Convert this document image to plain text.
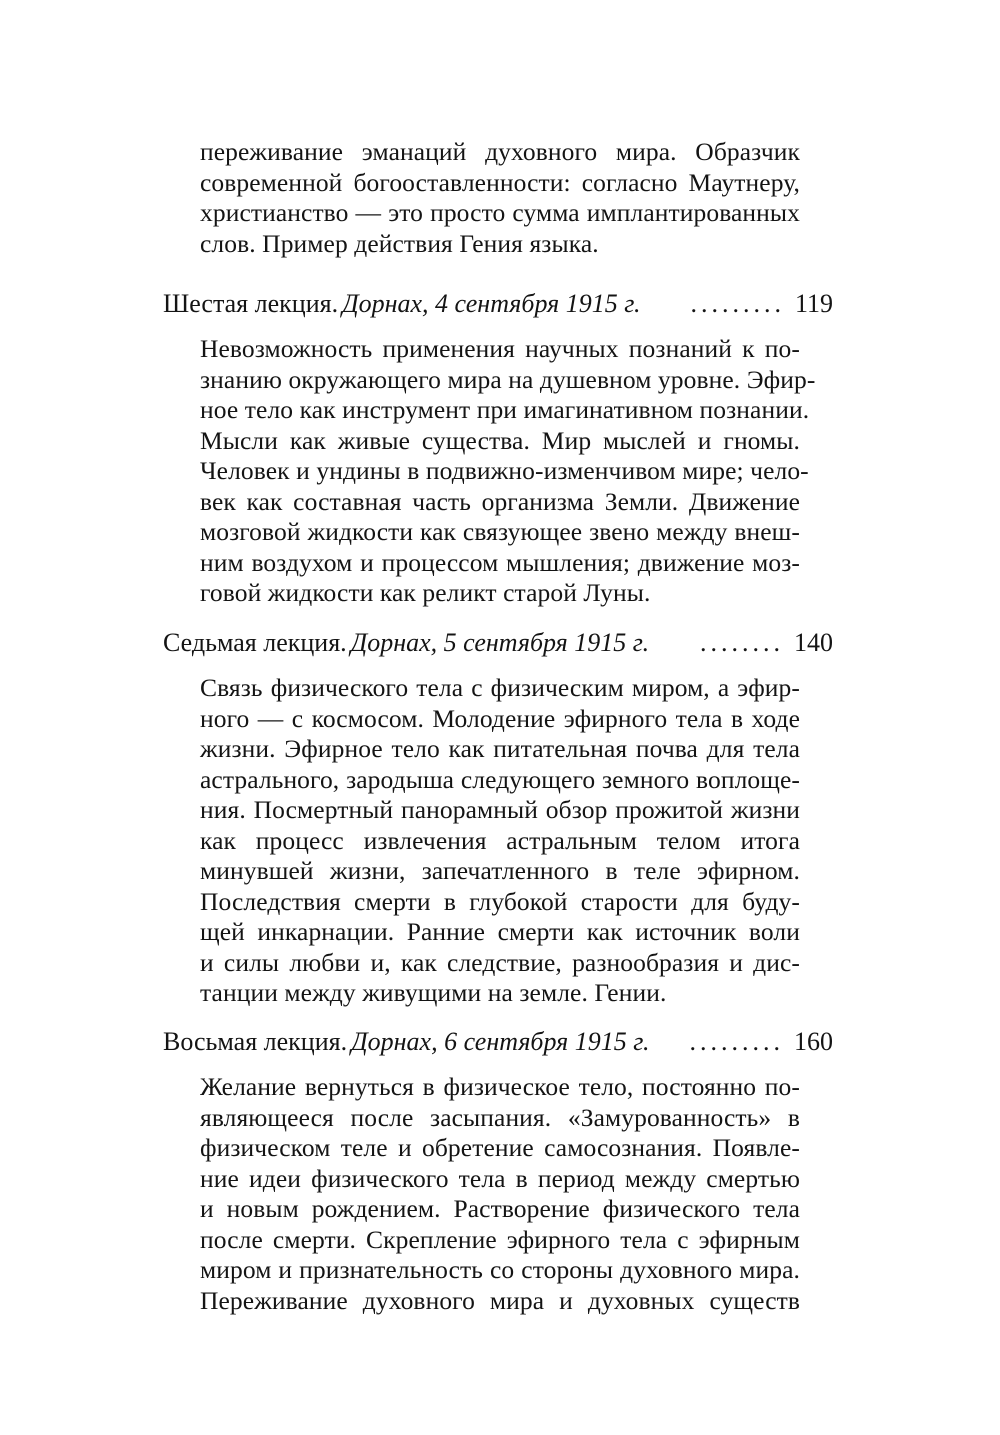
переживание эманаций духовного мира. Образчик
современной богооставленности: согласно Маутнеру,
христианство — это просто сумма имплантированных
слов. Пример действия Гения языка.

Шестая лекция. Дорнах, 4 сентября 1915 г.	......... 119

Невозможность применения научных познаний к по-
знанию окружающего мира на душевном уровне. Эфир-
ное тело как инструмент при имагинативном познании.
Мысли как живые существа. Мир мыслей и гномы.
Человек и ундины в подвижно-изменчивом мире; чело-
век как составная часть организма Земли. Движение
мозговой жидкости как связующее звено между внеш-
ним воздухом и процессом мышления; движение моз-
говой жидкости как реликт старой Луны.

Седьмая лекция. Дорнах, 5 сентября 1915 г.	........ 140

Связь физического тела с физическим миром, а эфир-
ного — с космосом. Молодение эфирного тела в ходе
жизни. Эфирное тело как питательная почва для тела
астрального, зародыша следующего земного воплоще-
ния. Посмертный панорамный обзор прожитой жизни
как процесс извлечения астральным телом итога
минувшей жизни, запечатленного в теле эфирном.
Последствия смерти в глубокой старости для буду-
щей инкарнации. Ранние смерти как источник воли
и силы любви и, как следствие, разнообразия и дис-
танции между живущими на земле. Гении.

Восьмая лекция. Дорнах, 6 сентября 1915 г.	......... 160

Желание вернуться в физическое тело, постоянно по-
являющееся после засыпания. «Замурованность» в
физическом теле и обретение самосознания. Появле-
ние идеи физического тела в период между смертью
и новым рождением. Растворение физического тела
после смерти. Скрепление эфирного тела с эфирным
миром и признательность со стороны духовного мира.
Переживание духовного мира и духовных существ
